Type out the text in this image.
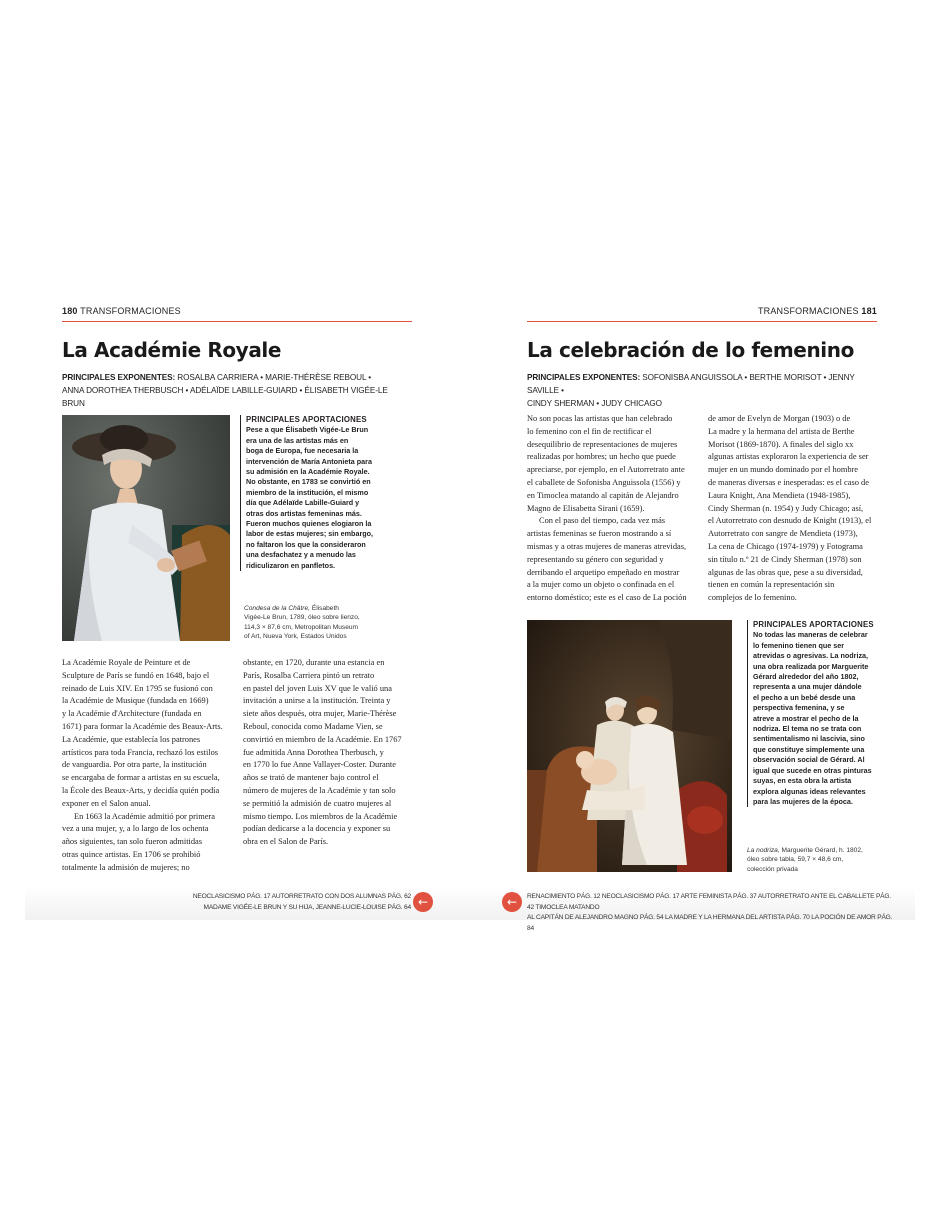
180 TRANSFORMACIONES
La Académie Royale
PRINCIPALES EXPONENTES: ROSALBA CARRIERA • MARIE-THÉRÈSE REBOUL •
ANNA DOROTHEA THERBUSCH • ADÉLAÏDE LABILLE-GUIARD • ÉLISABETH VIGÉE-LE BRUN
PRINCIPALES APORTACIONES
Pese a que Élisabeth Vigée-Le Brun
era una de las artistas más en
boga de Europa, fue necesaria la
intervención de María Antonieta para
su admisión en la Académie Royale.
No obstante, en 1783 se convirtió en
miembro de la institución, el mismo
día que Adélaïde Labille-Guiard y
otras dos artistas femeninas más.
Fueron muchos quienes elogiaron la
labor de estas mujeres; sin embargo,
no faltaron los que la consideraron
una desfachatez y a menudo las
ridiculizaron en panfletos.
Condesa de la Châtre, Élisabeth
Vigée-Le Brun, 1789, óleo sobre lienzo,
114,3 × 87,6 cm, Metropolitan Museum
of Art, Nueva York, Estados Unidos

La Académie Royale de Peinture et de
Sculpture de París se fundó en 1648, bajo el
reinado de Luis XIV. En 1795 se fusionó con
la Académie de Musique (fundada en 1669)
y la Académie d'Architecture (fundada en
1671) para formar la Académie des Beaux-Arts.
La Académie, que establecía los patrones
artísticos para toda Francia, rechazó los estilos
de vanguardia. Por otra parte, la institución
se encargaba de formar a artistas en su escuela,
la École des Beaux-Arts, y decidía quién podía
exponer en el Salon anual.

En 1663 la Académie admitió por primera
vez a una mujer, y, a lo largo de los ochenta
años siguientes, tan solo fueron admitidas
otras quince artistas. En 1706 se prohibió
totalmente la admisión de mujeres; no

obstante, en 1720, durante una estancia en
París, Rosalba Carriera pintó un retrato
en pastel del joven Luis XV que le valió una
invitación a unirse a la institución. Treinta y
siete años después, otra mujer, Marie-Thérèse
Reboul, conocida como Madame Vien, se
convirtió en miembro de la Académie. En 1767
fue admitida Anna Dorothea Therbusch, y
en 1770 lo fue Anne Vallayer-Coster. Durante
años se trató de mantener bajo control el
número de mujeres de la Académie y tan solo
se permitió la admisión de cuatro mujeres al
mismo tiempo. Los miembros de la Académie
podían dedicarse a la docencia y exponer su
obra en el Salon de París.

TRANSFORMACIONES 181
La celebración de lo femenino
PRINCIPALES EXPONENTES: SOFONISBA ANGUISSOLA • BERTHE MORISOT • JENNY SAVILLE •
CINDY SHERMAN • JUDY CHICAGO

No son pocas las artistas que han celebrado
lo femenino con el fin de rectificar el
desequilibrio de representaciones de mujeres
realizadas por hombres; un hecho que puede
apreciarse, por ejemplo, en el Autorretrato ante
el caballete de Sofonisba Anguissola (1556) y
en Timoclea matando al capitán de Alejandro
Magno de Elisabetta Sirani (1659).

Con el paso del tiempo, cada vez más
artistas femeninas se fueron mostrando a sí
mismas y a otras mujeres de maneras atrevidas,
representando su género con seguridad y
derribando el arquetipo empeñado en mostrar
a la mujer como un objeto o confinada en el
entorno doméstico; este es el caso de La poción

de amor de Evelyn de Morgan (1903) o de
La madre y la hermana del artista de Berthe
Morisot (1869-1870). A finales del siglo xx
algunas artistas exploraron la experiencia de ser
mujer en un mundo dominado por el hombre
de maneras diversas e inesperadas: es el caso de
Laura Knight, Ana Mendieta (1948-1985),
Cindy Sherman (n. 1954) y Judy Chicago; así,
el Autorretrato con desnudo de Knight (1913), el
Autorretrato con sangre de Mendieta (1973),
La cena de Chicago (1974-1979) y Fotograma
sin título n.º 21 de Cindy Sherman (1978) son
algunas de las obras que, pese a su diversidad,
tienen en común la representación sin
complejos de lo femenino.

PRINCIPALES APORTACIONES
No todas las maneras de celebrar
lo femenino tienen que ser
atrevidas o agresivas. La nodriza,
una obra realizada por Marguerite
Gérard alrededor del año 1802,
representa a una mujer dándole
el pecho a un bebé desde una
perspectiva femenina, y se
atreve a mostrar el pecho de la
nodriza. El tema no se trata con
sentimentalismo ni lascivia, sino
que constituye simplemente una
observación social de Gérard. Al
igual que sucede en otras pinturas
suyas, en esta obra la artista
explora algunas ideas relevantes
para las mujeres de la época.
La nodriza, Marguerite Gérard, h. 1802,
óleo sobre tabla, 59,7 × 48,6 cm,
colección privada
NEOCLASICISMO PÁG. 17 AUTORRETRATO CON DOS ALUMNAS PÁG. 62
MADAME VIGÉE-LE BRUN Y SU HIJA, JEANNE-LUCIE-LOUISE PÁG. 64 ←	←	RENACIMIENTO PÁG. 12 NEOCLASICISMO PÁG. 17 ARTE FEMINISTA PÁG. 37 AUTORRETRATO ANTE EL CABALLETE PÁG. 42 TIMOCLEA MATANDO
AL CAPITÁN DE ALEJANDRO MAGNO PÁG. 54 LA MADRE Y LA HERMANA DEL ARTISTA PÁG. 70 LA POCIÓN DE AMOR PÁG. 84
